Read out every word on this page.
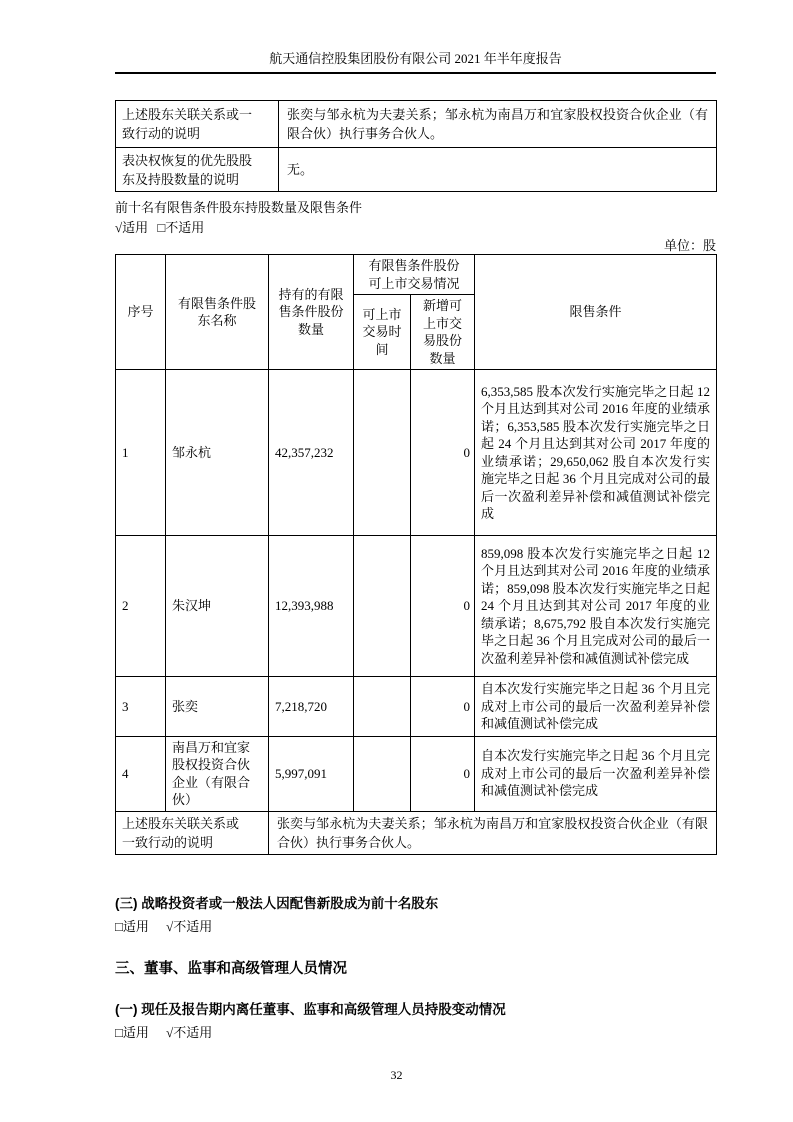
航天通信控股集团股份有限公司 2021 年半年度报告
上述股东关联关系或一致行动的说明	张奕与邹永杭为夫妻关系；邹永杭为南昌万和宜家股权投资合伙企业（有限合伙）执行事务合伙人。

表决权恢复的优先股股东及持股数量的说明	无。

前十名有限售条件股东持股数量及限售条件

√适用 □不适用

单位：股

序号	有限售条件股东名称	持有的有限售条件股份数量	有限售条件股份可上市交易情况		限售条件

			可上市交易时间	新增可上市交易股份数量	

1	邹永杭	42,357,232		0	6,353,585 股本次发行实施完毕之日起 12 个月且达到其对公司 2016 年度的业绩承诺；6,353,585 股本次发行实施完毕之日起 24 个月且达到其对公司 2017 年度的业绩承诺；29,650,062 股自本次发行实施完毕之日起 36 个月且完成对公司的最后一次盈利差异补偿和减值测试补偿完成
2	朱汉坤	12,393,988		0	859,098 股本次发行实施完毕之日起 12 个月且达到其对公司 2016 年度的业绩承诺；859,098 股本次发行实施完毕之日起 24 个月且达到其对公司 2017 年度的业绩承诺；8,675,792 股自本次发行实施完毕之日起 36 个月且完成对公司的最后一次盈利差异补偿和减值测试补偿完成
3	张奕	7,218,720		0	自本次发行实施完毕之日起 36 个月且完成对上市公司的最后一次盈利差异补偿和减值测试补偿完成
4	南昌万和宜家股权投资合伙企业（有限合伙）	5,997,091		0	自本次发行实施完毕之日起 36 个月且完成对上市公司的最后一次盈利差异补偿和减值测试补偿完成

上述股东关联关系或一致行动的说明		张奕与邹永杭为夫妻关系；邹永杭为南昌万和宜家股权投资合伙企业（有限合伙）执行事务合伙人。			
(三) 战略投资者或一般法人因配售新股成为前十名股东

□适用 √不适用

三、董事、监事和高级管理人员情况
(一) 现任及报告期内离任董事、监事和高级管理人员持股变动情况

□适用 √不适用

32
